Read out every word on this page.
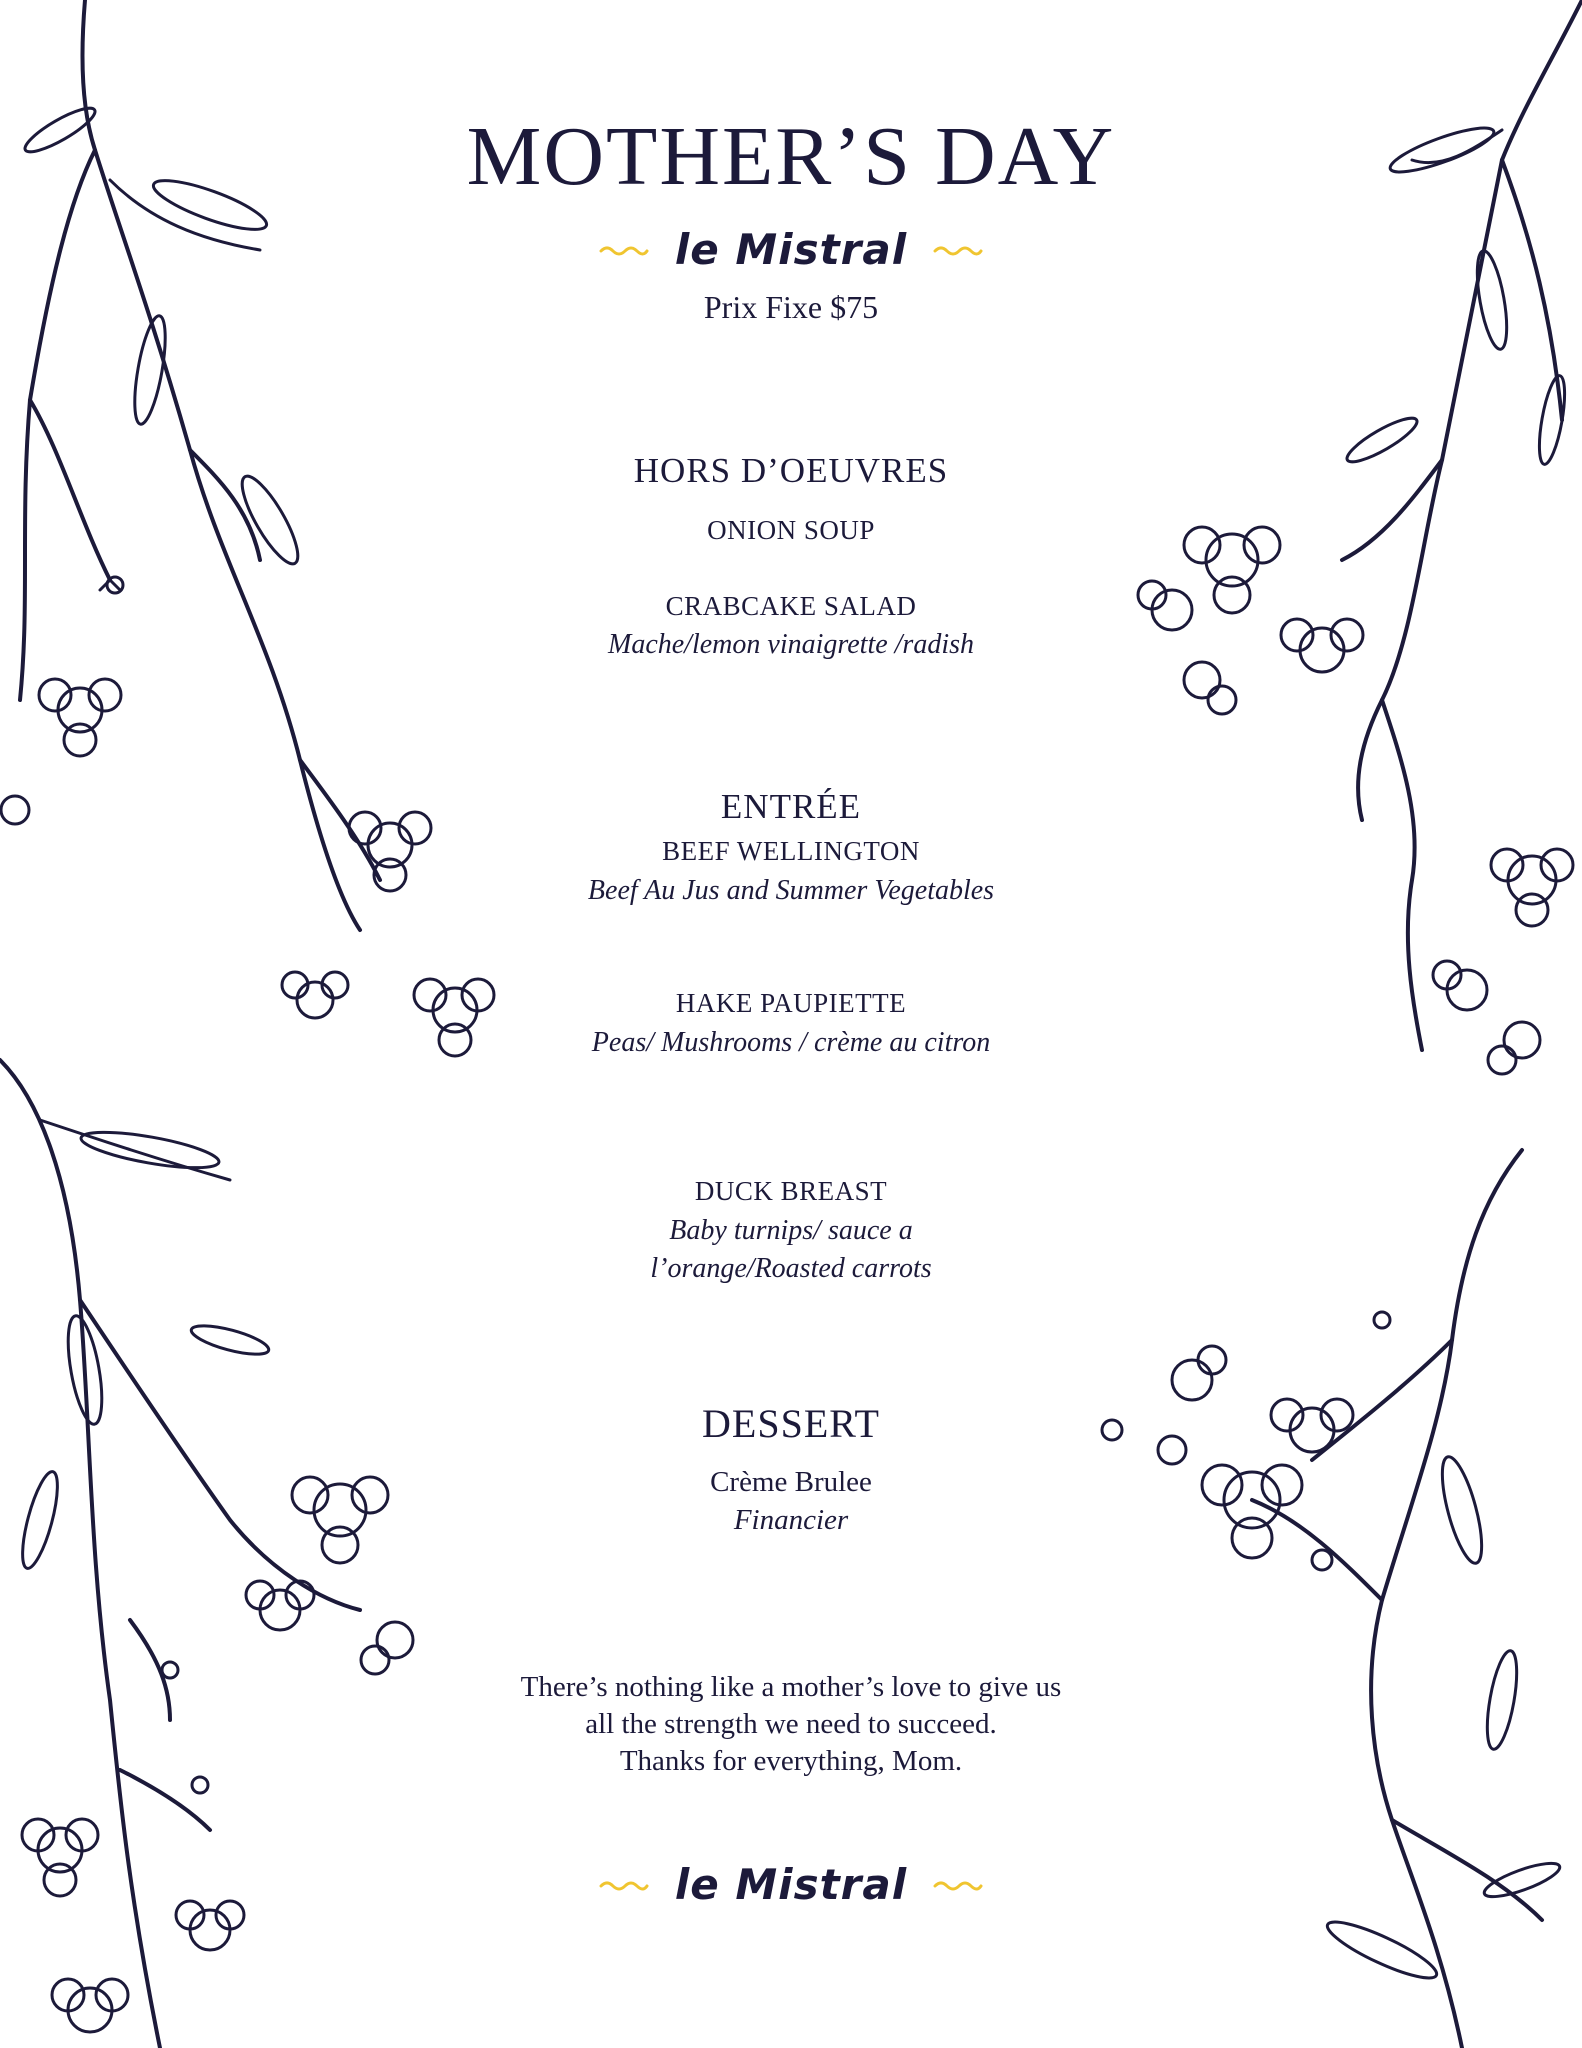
MOTHER’S DAY
le Mistral
Prix Fixe $75
HORS D’OEUVRES
ONION SOUP
CRABCAKE SALAD
Mache/lemon vinaigrette /radish
ENTRÉE
BEEF WELLINGTON
Beef Au Jus and Summer Vegetables
HAKE PAUPIETTE
Peas/ Mushrooms / crème au citron
DUCK BREAST
Baby turnips/ sauce a l’orange/Roasted carrots
DESSERT
Crème Brulee
Financier
There’s nothing like a mother’s love to give us
all the strength we need to succeed.
Thanks for everything, Mom.
le Mistral
